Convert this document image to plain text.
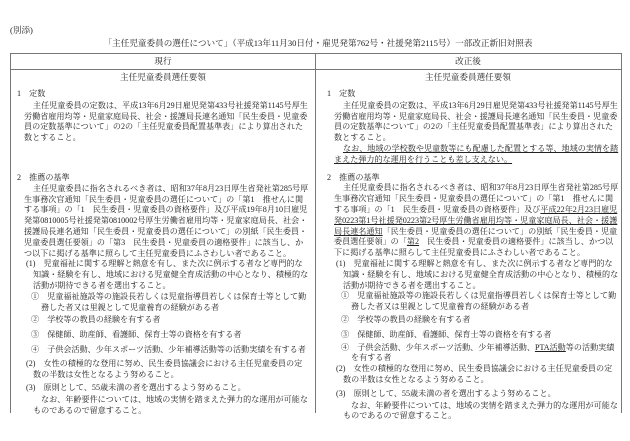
(別添)
「主任児童委員の選任について」（平成13年11月30日付・雇児発第762号・社援発第2115号）一部改正新旧対照表
現行	改正後
主任児童委員選任要領	主任児童委員選任要領
1　定数
主任児童委員の定数は、平成13年6月29日雇児発第433号社援発第1145号厚生
労働省雇用均等・児童家庭局長、社会・援護局長連名通知「民生委員・児童委
員の定数基準について」の2の「主任児童委員配置基準表」により算出された
数とすること。
2　推薦の基準
主任児童委員に指名されるべき者は、昭和37年8月23日厚生省発社第285号厚
生事務次官通知「民生委員・児童委員の選任について」の「第1　推せんに関
する事項」の「1　民生委員・児童委員の資格要件」及び平成19年8月10日雇児
発第0810005号社援発第0810002号厚生労働省雇用均等・児童家庭局長、社会・
援護局長連名通知「民生委員・児童委員の選任について」の別紙「民生委員・
児童委員選任要領」の「第3　民生委員・児童委員の適格要件」に該当し、か
つ以下に掲げる基準に照らして主任児童委員にふさわしい者であること。
(1)　児童福祉に関する理解と熱意を有し、また次に例示する者など専門的な
知識・経験を有し、地域における児童健全育成活動の中心となり、積極的な
活動が期待できる者を選出すること。
①　児童福祉施設等の施設長若しくは児童指導員若しくは保育士等として勤
務した者又は里親として児童養育の経験がある者
②　学校等の教員の経験を有する者
③　保健師、助産師、看護師、保育士等の資格を有する者
④　子供会活動、少年スポーツ活動、少年補導活動等の活動実績を有する者
(2)　女性の積極的な登用に努め、民生委員協議会における主任児童委員の定
数の半数は女性となるよう努めること。
(3)　原則として、55歳未満の者を選出するよう努めること。
なお、年齢要件については、地域の実情を踏まえた弾力的な運用が可能な
ものであるので留意すること。
1　定数
主任児童委員の定数は、平成13年6月29日雇児発第433号社援発第1145号厚生
労働省雇用均等・児童家庭局長、社会・援護局長連名通知「民生委員・児童委
員の定数基準について」の2の「主任児童委員配置基準表」により算出された
数とすること。
なお、地域の学校数や児童数等にも配慮した配置とする等、地域の実情を踏
まえた弾力的な運用を行うことも差し支えない。
2　推薦の基準
主任児童委員に指名されるべき者は、昭和37年8月23日厚生省発社第285号厚
生事務次官通知「民生委員・児童委員の選任について」の「第1　推せんに関
する事項」の「1　民生委員・児童委員の資格要件」及び平成22年2月23日雇児
発0223第1号社援発0223第2号厚生労働省雇用均等・児童家庭局長、社会・援護
局長連名通知「民生委員・児童委員の選任について」の別紙「民生委員・児童
委員選任要領」の「第2　民生委員・児童委員の適格要件」に該当し、かつ以
下に掲げる基準に照らして主任児童委員にふさわしい者であること。
(1)　児童福祉に関する理解と熱意を有し、また次に例示する者など専門的な
知識・経験を有し、地域における児童健全育成活動の中心となり、積極的な
活動が期待できる者を選出すること。
①　児童福祉施設等の施設長若しくは児童指導員若しくは保育士等として勤
務した者又は里親として児童養育の経験がある者
②　学校等の教員の経験を有する者
③　保健師、助産師、看護師、保育士等の資格を有する者
④　子供会活動、少年スポーツ活動、少年補導活動、PTA活動等の活動実績
を有する者
(2)　女性の積極的な登用に努め、民生委員協議会における主任児童委員の定
数の半数は女性となるよう努めること。
(3)　原則として、55歳未満の者を選出するよう努めること。
なお、年齢要件については、地域の実情を踏まえた弾力的な運用が可能な
ものであるので留意すること。
